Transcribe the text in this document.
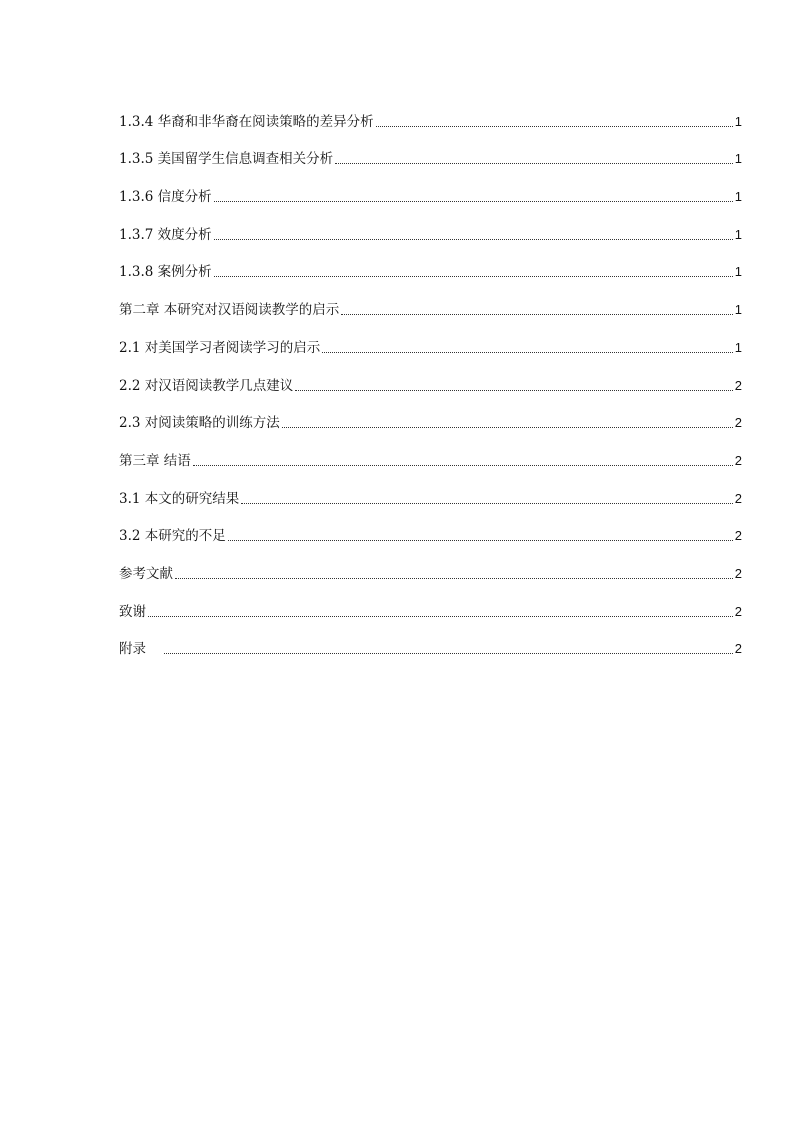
1.3.4 华裔和非华裔在阅读策略的差异分析	1
1.3.5 美国留学生信息调查相关分析	1
1.3.6 信度分析	1
1.3.7 效度分析	1
1.3.8 案例分析	1
第二章 本研究对汉语阅读教学的启示	1
2.1 对美国学习者阅读学习的启示	1
2.2 对汉语阅读教学几点建议	2
2.3 对阅读策略的训练方法	2
第三章 结语	2
3.1 本文的研究结果	2
3.2 本研究的不足	2
参考文献	2
致谢	2
附录	2
